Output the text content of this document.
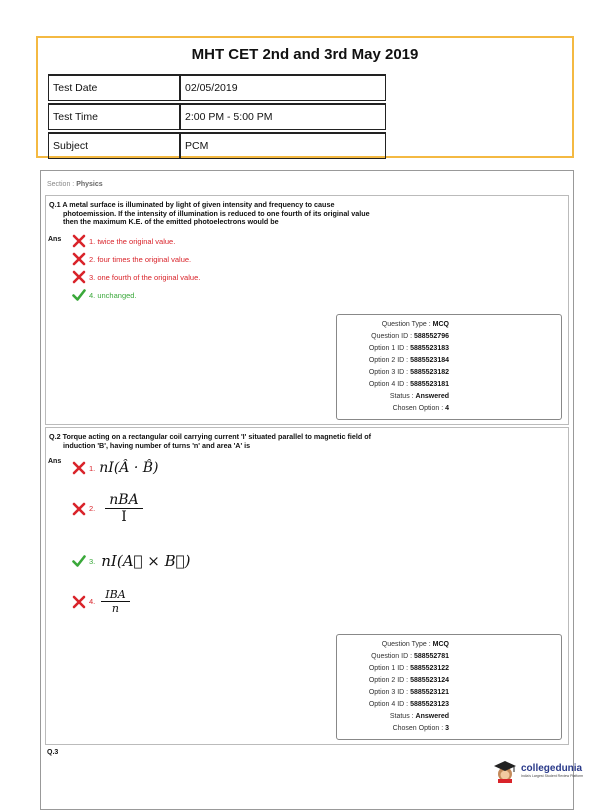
MHT CET 2nd and 3rd May 2019
Test Date	02/05/2019
Test Time	2:00 PM - 5:00 PM
Subject	PCM
Section : Physics
Q.1 A metal surface is illuminated by light of given intensity and frequency to cause
photoemission. If the intensity of illumination is reduced to one fourth of its original value
then the maximum K.E. of the emitted photoelectrons would be
Ans	1. twice the original value.
2. four times the original value.
3. one fourth of the original value.
4. unchanged.
Question Type : MCQ
Question ID : 588552796
Option 1 ID : 5885523183
Option 2 ID : 5885523184
Option 3 ID : 5885523182
Option 4 ID : 5885523181
Status : Answered
Chosen Option : 4
Q.2 Torque acting on a rectangular coil carrying current 'I' situated parallel to magnetic field of
induction 'B', having number of turns 'n' and area 'A' is
Ans
1. nI(Â · B̂)
2. $\frac{\text{nBA}}{I}$
3. nI(A⃗ × B⃗)
4. $\frac{\text{IBA}}{n}$
Question Type : MCQ
Question ID : 588552781
Option 1 ID : 5885523122
Option 2 ID : 5885523124
Option 3 ID : 5885523121
Option 4 ID : 5885523123
Status : Answered
Chosen Option : 3
Q.3
collegedunia
India's Largest Student Review Platform
